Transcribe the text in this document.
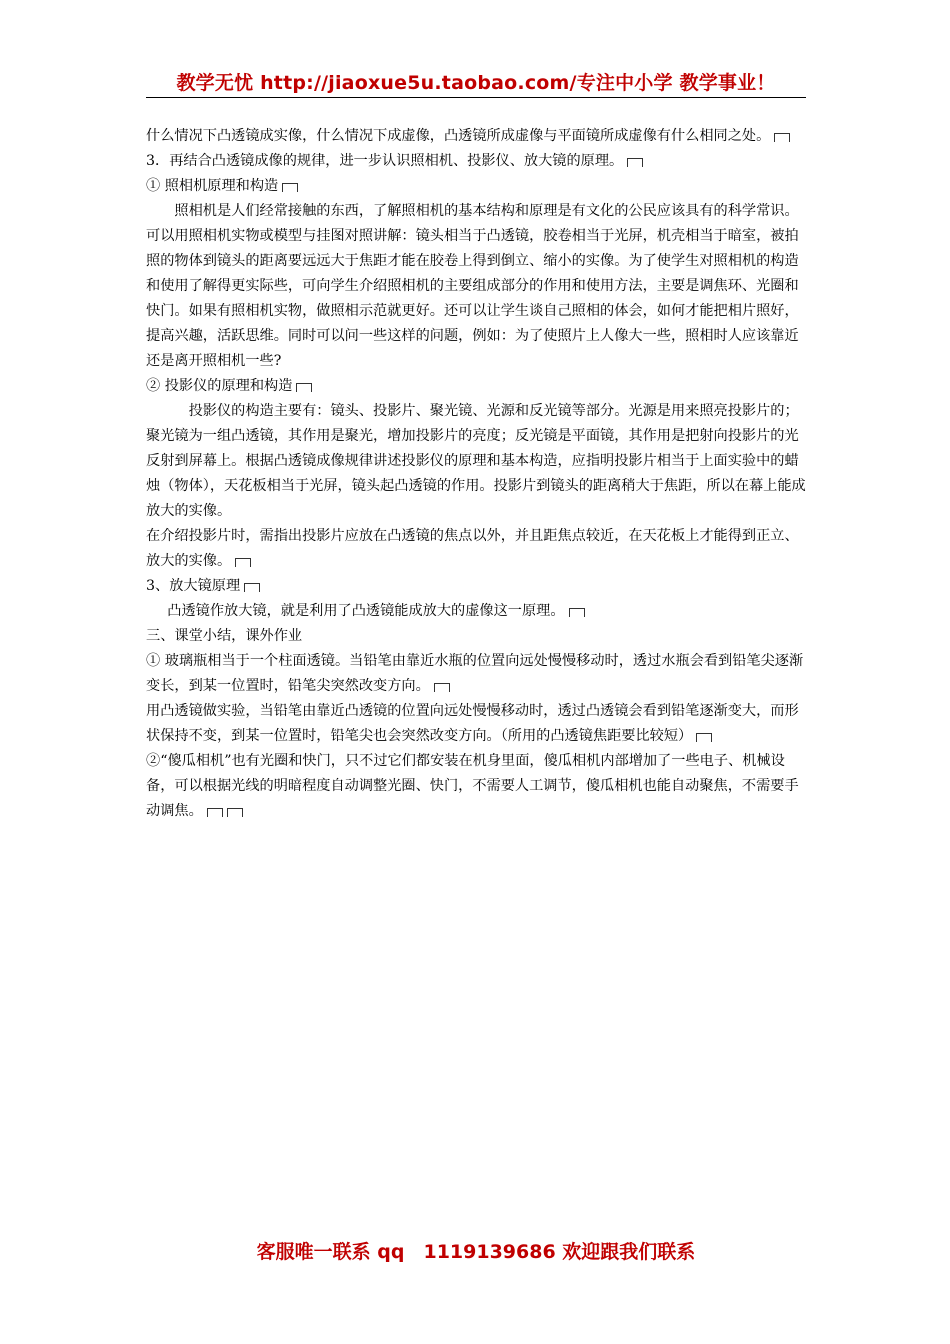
教学无忧 http://jiaoxue5u.taobao.com/专注中小学 教学事业！

什么情况下凸透镜成实像，什么情况下成虚像，凸透镜所成虚像与平面镜所成虚像有什么相同之处。

3．再结合凸透镜成像的规律，进一步认识照相机、投影仪、放大镜的原理。

① 照相机原理和构造

照相机是人们经常接触的东西，了解照相机的基本结构和原理是有文化的公民应该具有的科学常识。可以用照相机实物或模型与挂图对照讲解：镜头相当于凸透镜，胶卷相当于光屏，机壳相当于暗室，被拍照的物体到镜头的距离要远远大于焦距才能在胶卷上得到倒立、缩小的实像。为了使学生对照相机的构造和使用了解得更实际些，可向学生介绍照相机的主要组成部分的作用和使用方法，主要是调焦环、光圈和快门。如果有照相机实物，做照相示范就更好。还可以让学生谈自己照相的体会，如何才能把相片照好，提高兴趣，活跃思维。同时可以问一些这样的问题，例如：为了使照片上人像大一些，照相时人应该靠近还是离开照相机一些?

② 投影仪的原理和构造

投影仪的构造主要有：镜头、投影片、聚光镜、光源和反光镜等部分。光源是用来照亮投影片的；聚光镜为一组凸透镜，其作用是聚光，增加投影片的亮度；反光镜是平面镜，其作用是把射向投影片的光反射到屏幕上。根据凸透镜成像规律讲述投影仪的原理和基本构造，应指明投影片相当于上面实验中的蜡烛（物体），天花板相当于光屏，镜头起凸透镜的作用。投影片到镜头的距离稍大于焦距，所以在幕上能成放大的实像。

在介绍投影片时，需指出投影片应放在凸透镜的焦点以外，并且距焦点较近，在天花板上才能得到正立、放大的实像。

3、放大镜原理

凸透镜作放大镜，就是利用了凸透镜能成放大的虚像这一原理。

三、课堂小结，课外作业

① 玻璃瓶相当于一个柱面透镜。当铅笔由靠近水瓶的位置向远处慢慢移动时，透过水瓶会看到铅笔尖逐渐变长，到某一位置时，铅笔尖突然改变方向。

用凸透镜做实验，当铅笔由靠近凸透镜的位置向远处慢慢移动时，透过凸透镜会看到铅笔逐渐变大，而形状保持不变，到某一位置时，铅笔尖也会突然改变方向。（所用的凸透镜焦距要比较短）

②“傻瓜相机”也有光圈和快门，只不过它们都安装在机身里面，傻瓜相机内部增加了一些电子、机械设备，可以根据光线的明暗程度自动调整光圈、快门，不需要人工调节，傻瓜相机也能自动聚焦，不需要手动调焦。

客服唯一联系 qq　1119139686 欢迎跟我们联系
